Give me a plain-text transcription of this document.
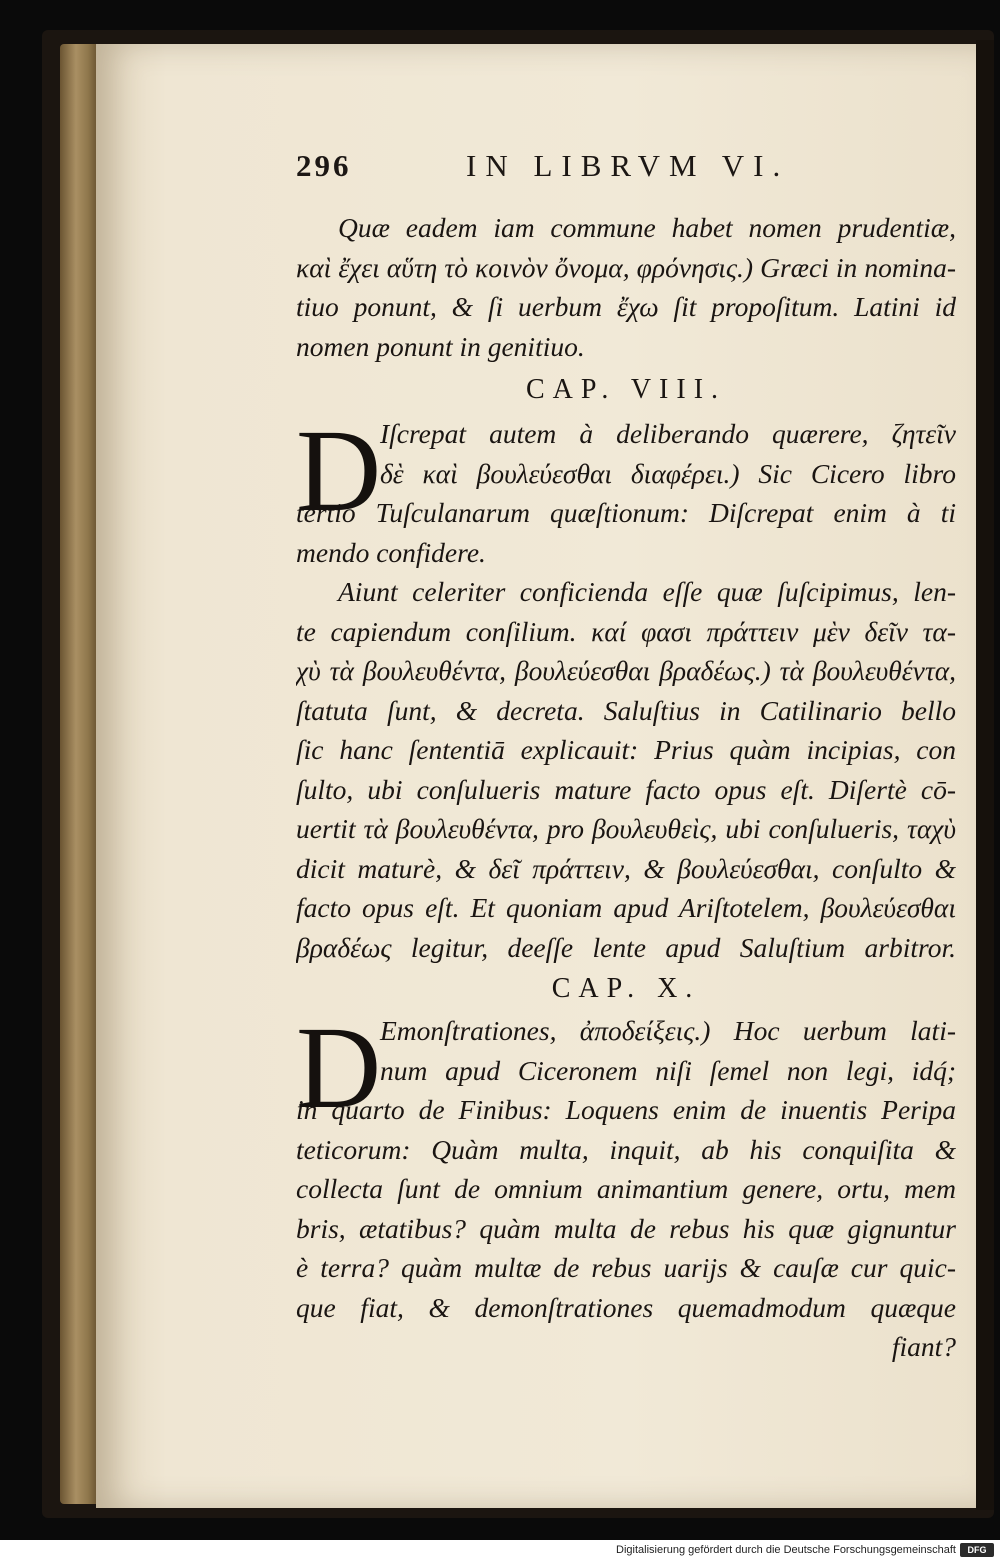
296	IN LIBRVM VI.
Quæ eadem iam commune habet nomen prudentiæ,
καὶ ἔχει αὕτη τὸ κοινὸν ὄνομα, φρόνησις.) Græci in nomina-
tiuo ponunt, & ſi uerbum ἔχω ſit propoſitum. Latini id
nomen ponunt in genitiuo.
CAP. VIII.
D
Iſcrepat autem à deliberando quærere, ζητεῖν
δὲ καὶ βουλεύεσθαι διαφέρει.) Sic Cicero libro
tertio Tuſculanarum quæſtionum: Diſcrepat enim à ti
mendo confidere.
Aiunt celeriter conficienda eſſe quæ ſuſcipimus, len-
te capiendum conſilium. καί φασι πράττειν μὲν δεῖν τα-
χὺ τὰ βουλευθέντα, βουλεύεσθαι βραδέως.) τὰ βουλευθέντα,
ſtatuta ſunt, & decreta. Saluſtius in Catilinario bello
ſic hanc ſententiā explicauit: Prius quàm incipias, con
ſulto, ubi conſulueris mature facto opus eſt. Diſertè cō-
uertit τὰ βουλευθέντα, pro βουλευθεὶς, ubi conſulueris, ταχὺ
dicit maturè, & δεῖ πράττειν, & βουλεύεσθαι, conſulto &
facto opus eſt. Et quoniam apud Ariſtotelem, βουλεύεσθαι
βραδέως legitur, deeſſe lente apud Saluſtium arbitror.
CAP. X.
D
Emonſtrationes, ἀποδείξεις.) Hoc uerbum lati-
num apud Ciceronem niſi ſemel non legi, idq́;
in quarto de Finibus: Loquens enim de inuentis Peripa
teticorum: Quàm multa, inquit, ab his conquiſita &
collecta ſunt de omnium animantium genere, ortu, mem
bris, ætatibus? quàm multa de rebus his quæ gignuntur
è terra? quàm multæ de rebus uarijs & cauſæ cur quic-
que fiat, & demonſtrationes quemadmodum quæque
fiant?
Digitalisierung gefördert durch die Deutsche Forschungsgemeinschaft	DFG
